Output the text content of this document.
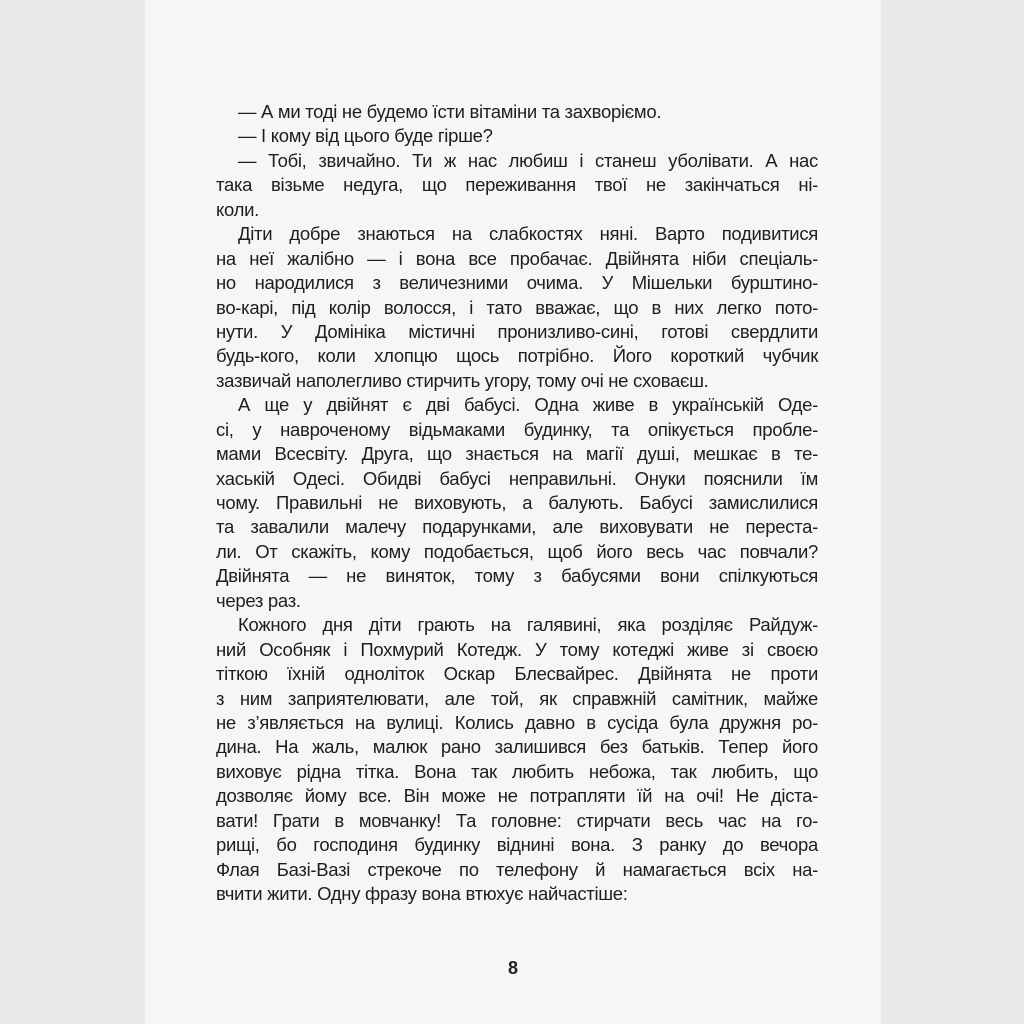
— А ми тоді не будемо їсти вітаміни та захворіємо.
— І кому від цього буде гірше?
— Тобі, звичайно. Ти ж нас любиш і станеш уболівати. А нас
така візьме недуга, що переживання твої не закінчаться ні-
коли.
Діти добре знаються на слабкостях няні. Варто подивитися
на неї жалібно — і вона все пробачає. Двійнята ніби спеціаль-
но народилися з величезними очима. У Мішельки бурштино-
во-карі, під колір волосся, і тато вважає, що в них легко пото-
нути. У Домініка містичні пронизливо-сині, готові свердлити
будь-кого, коли хлопцю щось потрібно. Його короткий чубчик
зазвичай наполегливо стирчить угору, тому очі не сховаєш.
А ще у двійнят є дві бабусі. Одна живе в українській Оде-
сі, у навроченому відьмаками будинку, та опікується пробле-
мами Всесвіту. Друга, що знається на магії душі, мешкає в те-
хаській Одесі. Обидві бабусі неправильні. Онуки пояснили їм
чому. Правильні не виховують, а балують. Бабусі замислилися
та завалили малечу подарунками, але виховувати не переста-
ли. От скажіть, кому подобається, щоб його весь час повчали?
Двійнята — не виняток, тому з бабусями вони спілкуються
через раз.
Кожного дня діти грають на галявині, яка розділяє Райдуж-
ний Особняк і Похмурий Котедж. У тому котеджі живе зі своєю
тіткою їхній одноліток Оскар Блесвайрес. Двійнята не проти
з ним заприятелювати, але той, як справжній самітник, майже
не з’являється на вулиці. Колись давно в сусіда була дружня ро-
дина. На жаль, малюк рано залишився без батьків. Тепер його
виховує рідна тітка. Вона так любить небожа, так любить, що
дозволяє йому все. Він може не потрапляти їй на очі! Не діста-
вати! Грати в мовчанку! Та головне: стирчати весь час на го-
рищі, бо господиня будинку віднині вона. З ранку до вечора
Флая Базі-Вазі стрекоче по телефону й намагається всіх на-
вчити жити. Одну фразу вона втюхує найчастіше:
8
